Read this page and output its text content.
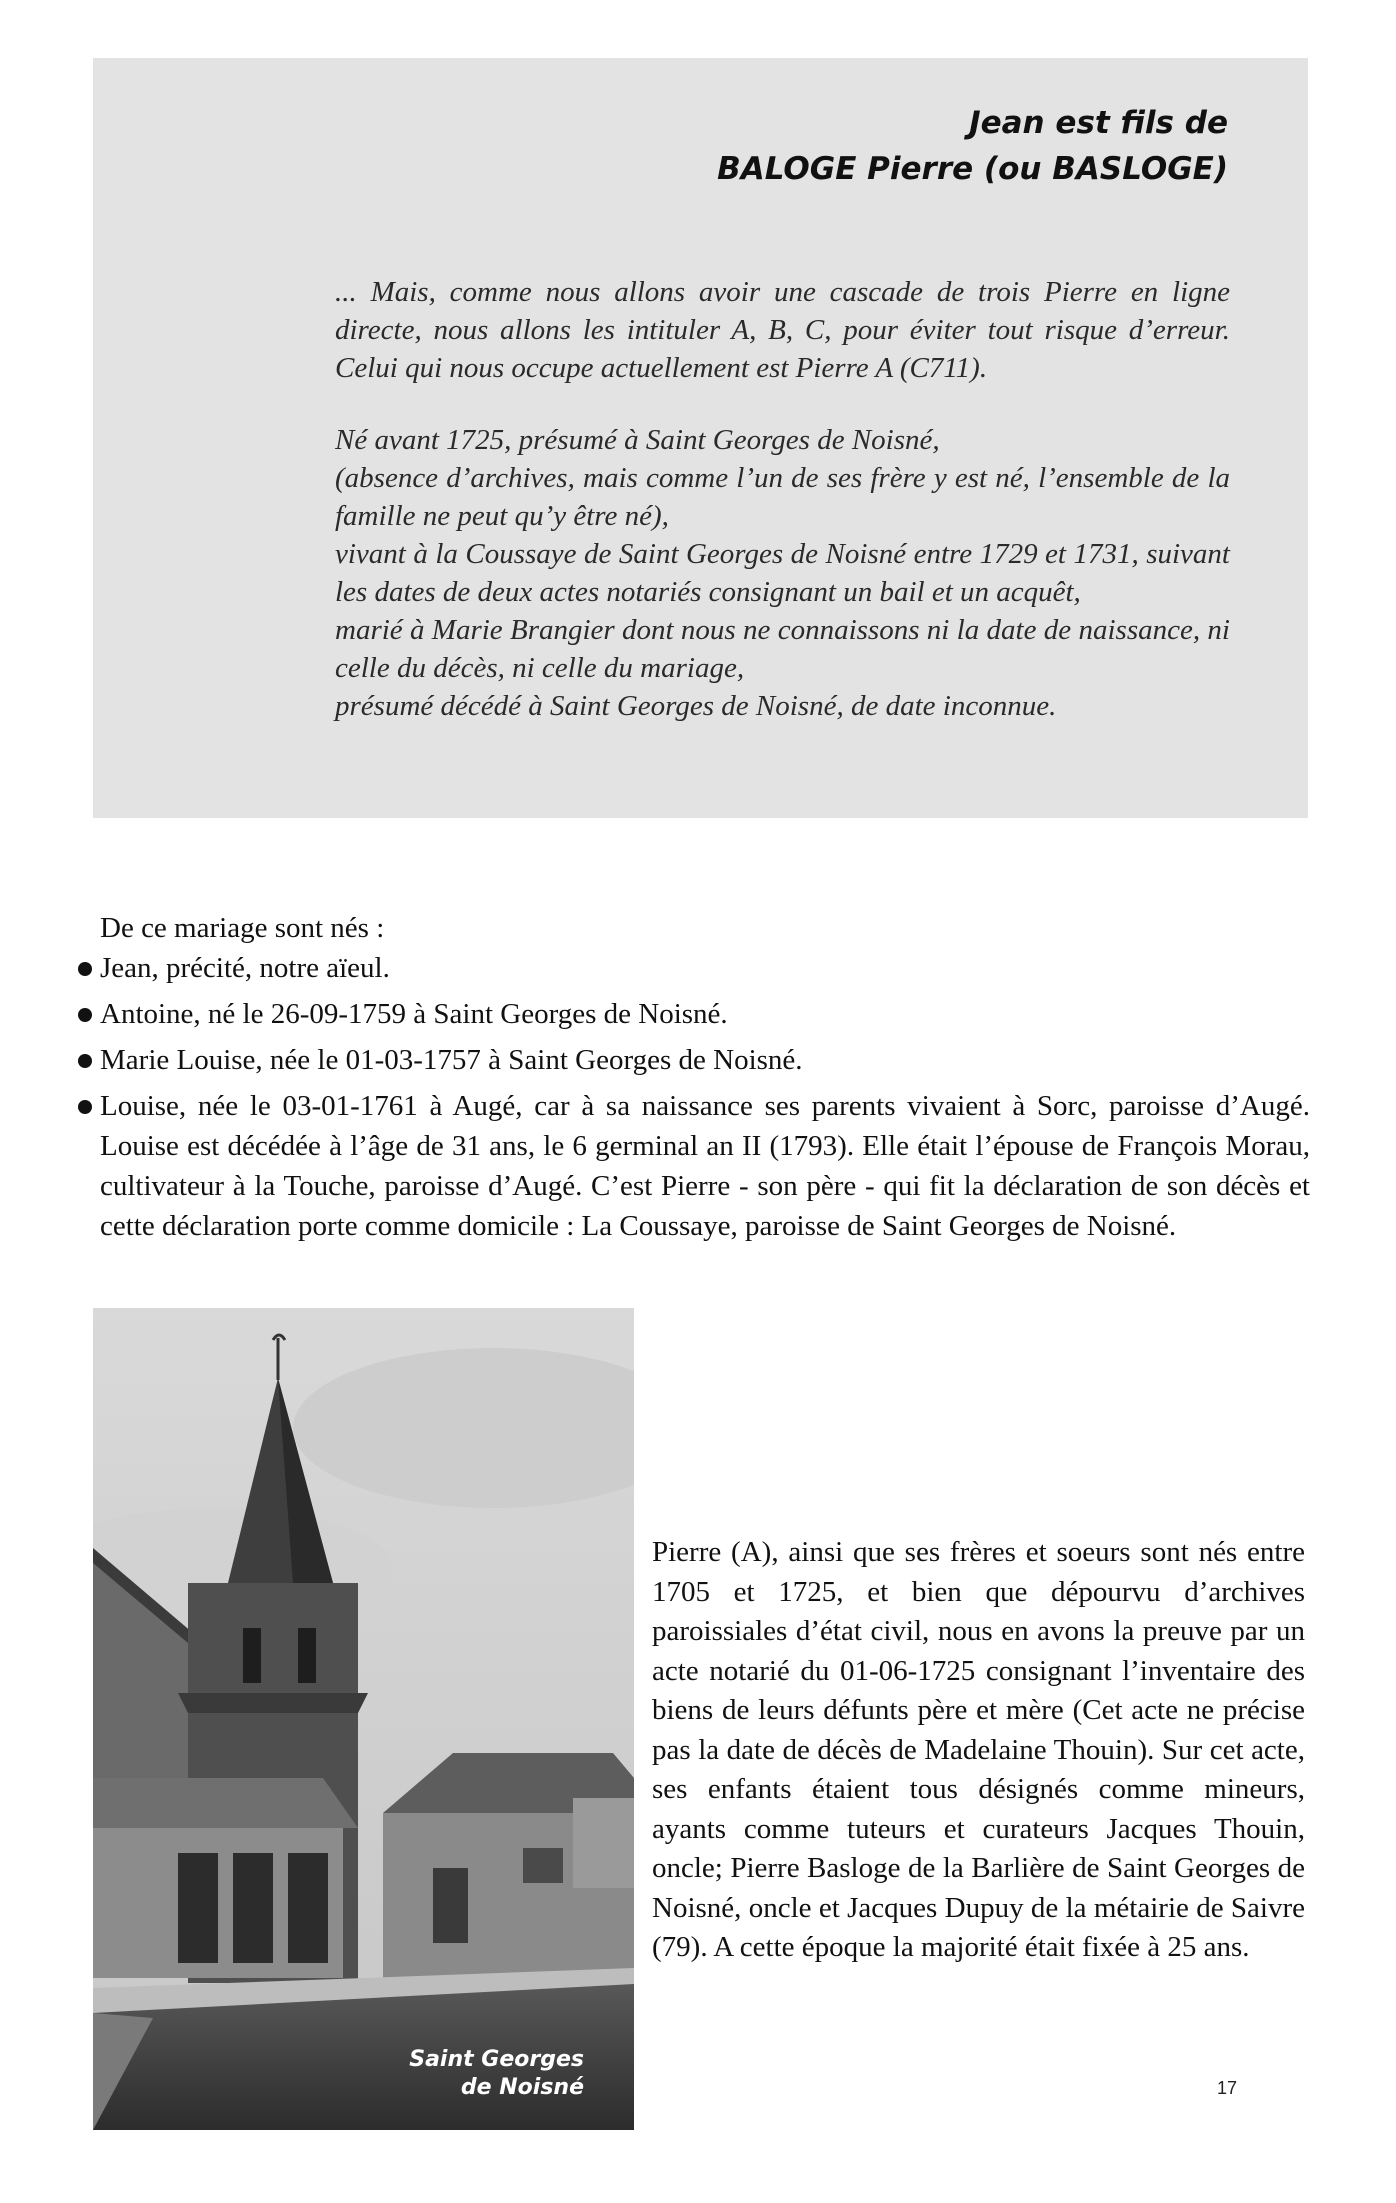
Jean est fils de
BALOGE Pierre (ou BASLOGE)

... Mais, comme nous allons avoir une cascade de trois Pierre en ligne directe, nous allons les intituler A, B, C, pour éviter tout risque d’erreur. Celui qui nous occupe actuellement est Pierre A (C711).

Né avant 1725, présumé à Saint Georges de Noisné,
(absence d’archives, mais comme l’un de ses frère y est né, l’ensemble de la famille ne peut qu’y être né),
vivant à la Coussaye de Saint Georges de Noisné entre 1729 et 1731, suivant les dates de deux actes notariés consignant un bail et un acquêt,
marié à Marie Brangier dont nous ne connaissons ni la date de naissance, ni celle du décès, ni celle du mariage,
présumé décédé à Saint Georges de Noisné, de date inconnue.

De ce mariage sont nés :
Jean, précité, notre aïeul.
Antoine, né le 26-09-1759 à Saint Georges de Noisné.
Marie Louise, née le 01-03-1757 à Saint Georges de Noisné.
Louise, née le 03-01-1761 à Augé, car à sa naissance ses parents vivaient à Sorc, paroisse d’Augé. Louise est décédée à l’âge de 31 ans, le 6 germinal an II (1793). Elle était l’épouse de François Morau, cultivateur à la Touche, paroisse d’Augé. C’est Pierre - son père - qui fit la déclaration de son décès et cette déclaration porte comme domicile : La Coussaye, paroisse de Saint Georges de Noisné.
Saint Georges
de Noisné
Pierre (A), ainsi que ses frères et soeurs sont nés entre 1705 et 1725, et bien que dépourvu d’archives paroissiales d’état civil, nous en avons la preuve par un acte notarié du 01-06-1725 consignant l’inventaire des biens de leurs défunts père et mère (Cet acte ne précise pas la date de décès de Madelaine Thouin). Sur cet acte, ses enfants étaient tous désignés comme mineurs, ayants comme tuteurs et curateurs Jacques Thouin, oncle; Pierre Basloge de la Barlière de Saint Georges de Noisné, oncle et Jacques Dupuy de la métairie de Saivre (79). A cette époque la majorité était fixée à 25 ans.
17
